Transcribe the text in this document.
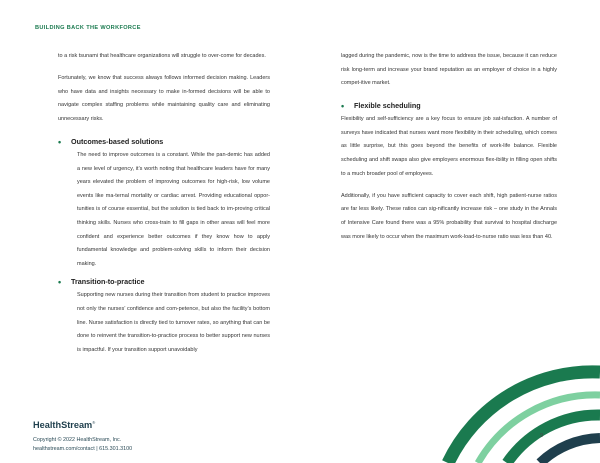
BUILDING BACK THE WORKFORCE

to a risk tsunami that healthcare organizations will struggle to over-come for decades.

Fortunately, we know that success always follows informed decision making. Leaders who have data and insights necessary to make in-formed decisions will be able to navigate complex staffing problems while maintaining quality care and eliminating unnecessary risks.

•	Outcomes-based solutions

The need to improve outcomes is a constant. While the pan-demic has added a new level of urgency, it’s worth noting that healthcare leaders have for many years elevated the problem of improving outcomes for high-risk, low volume events like ma-ternal mortality or cardiac arrest. Providing educational oppor-tunities is of course essential, but the solution is tied back to im-proving critical thinking skills. Nurses who cross-train to fill gaps in other areas will feel more confident and experience better outcomes if they know how to apply fundamental knowledge and problem-solving skills to inform their decision making.

•	Transition-to-practice

Supporting new nurses during their transition from student to practice improves not only the nurses’ confidence and com-petence, but also the facility’s bottom line. Nurse satisfaction is directly tied to turnover rates, so anything that can be done to reinvent the transition-to-practice process to better support new nurses is impactful. If your transition support unavoidably

lagged during the pandemic, now is the time to address the issue, because it can reduce risk long-term and increase your brand reputation as an employer of choice in a highly compet-itive market.

•	Flexible scheduling

Flexibility and self-sufficiency are a key focus to ensure job sat-isfaction. A number of surveys have indicated that nurses want more flexibility in their scheduling, which comes as little surprise, but this goes beyond the benefits of work-life balance. Flexible scheduling and shift swaps also give employers enormous flex-ibility in filling open shifts to a much broader pool of employees.

Additionally, if you have sufficient capacity to cover each shift, high patient-nurse ratios are far less likely. These ratios can sig-nificantly increase risk – one study in the Annals of Intensive Care found there was a 95% probability that survival to hospital discharge was more likely to occur when the maximum work-load-to-nurse ratio was less than 40.

HealthStream®
Copyright © 2022 HealthStream, Inc.
healthstream.com/contact | 615.301.3100
9
